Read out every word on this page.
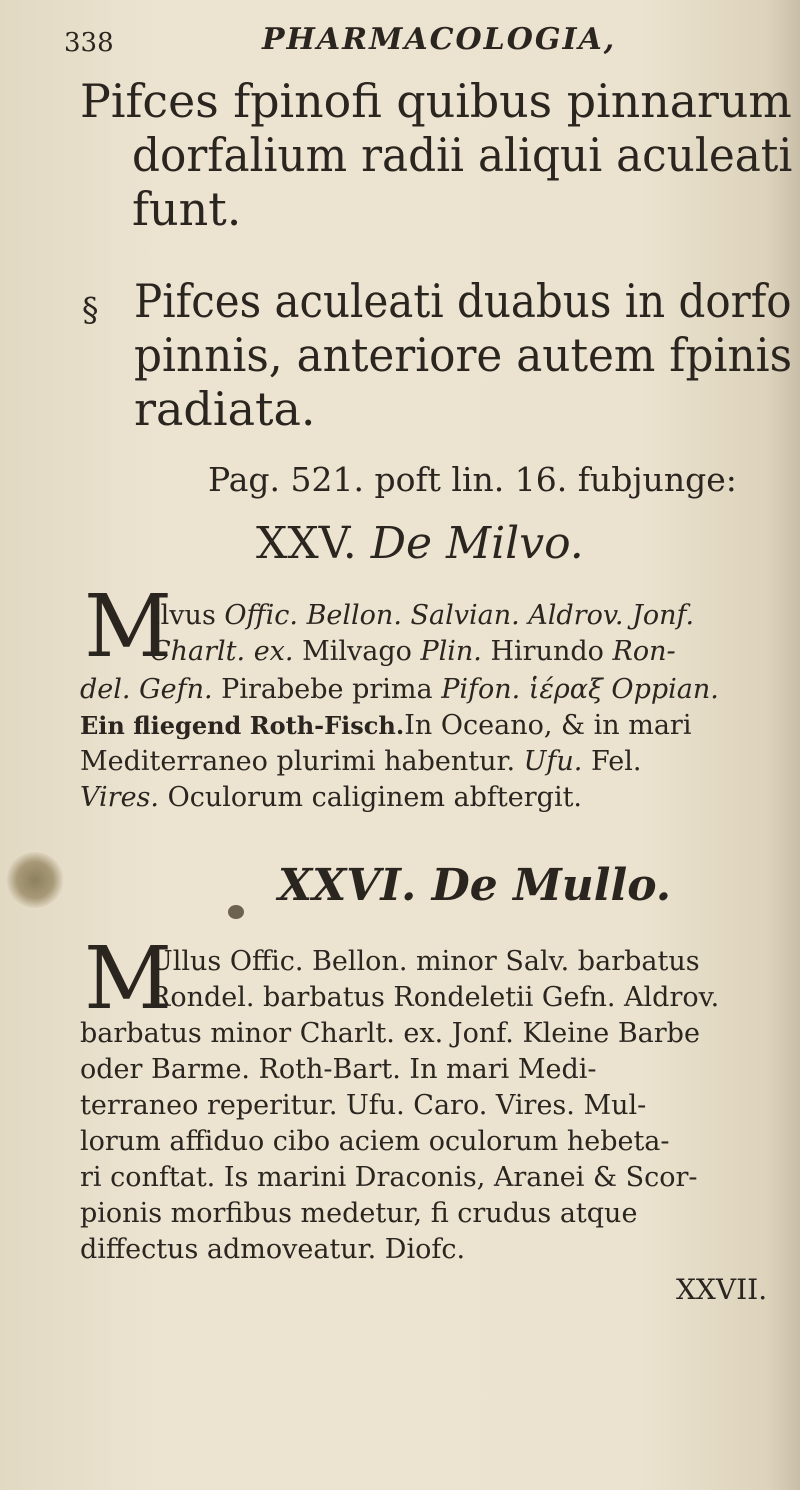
338	PHARMACOLOGIA,
Pifces fpinofi quibus pinnarum
dorfalium radii aliqui aculeati
funt.
§ Pifces aculeati duabus in dorfo
pinnis, anteriore autem fpinis
radiata.
Pag. 521. poft lin. 16. fubjunge:
XXV. De Milvo.
M
Ilvus Offic. Bellon. Salvian. Aldrov. Jonf.
Charlt. ex. Milvago Plin. Hirundo Ron-
del. Gefn. Pirabebe prima Pifon. ἱέραξ Oppian.
Ein fliegend Roth-Fisch.In Oceano, & in mari
Mediterraneo plurimi habentur. Ufu. Fel.
Vires. Oculorum caliginem abftergit.
XXVI. De Mullo.
M
Ullus Offic. Bellon. minor Salv. barbatus
Rondel. barbatus Rondeletii Gefn. Aldrov.
barbatus minor Charlt. ex. Jonf. Kleine Barbe
oder Barme. Roth-Bart. In mari Medi-
terraneo reperitur. Ufu. Caro. Vires. Mul-
lorum affiduo cibo aciem oculorum hebeta-
ri conftat. Is marini Draconis, Aranei & Scor-
pionis morfibus medetur, fi crudus atque
diffectus admoveatur. Diofc.
XXVII.
